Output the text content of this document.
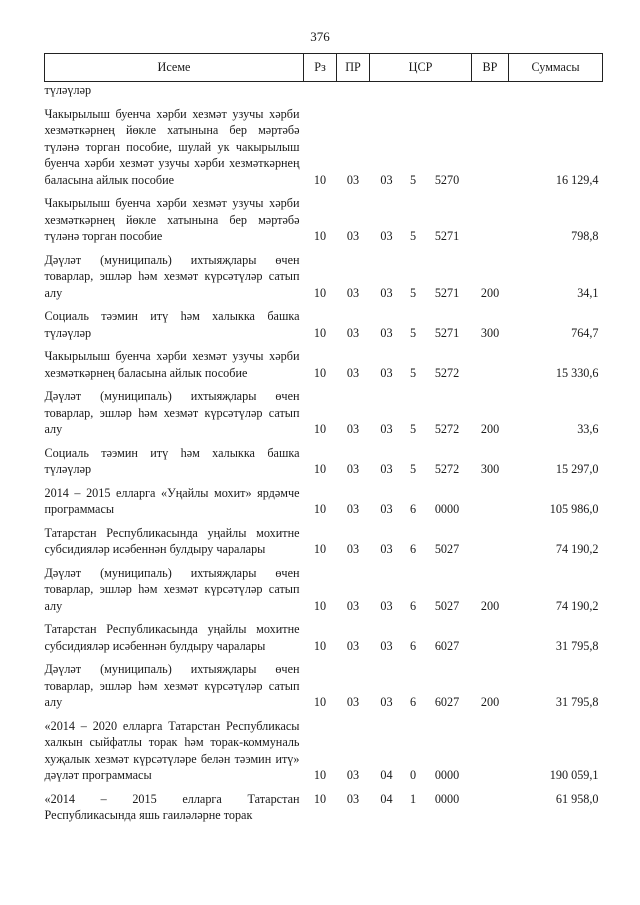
376
Исеме	Рз	ПР	ЦСР			ВР	Суммасы
түләүләр							

Чакырылыш буенча хәрби хезмәт узучы хәрби хезмәткәрнең йөкле хатынына бер мәртәбә түләнә торган пособие, шулай ук чакырылыш буенча хәрби хезмәт узучы хәрби хезмәткәрнең баласына айлык пособие	10	03	03	5	5270		16 129,4

Чакырылыш буенча хәрби хезмәт узучы хәрби хезмәткәрнең йөкле хатынына бер мәртәбә түләнә торган пособие	10	03	03	5	5271		798,8

Дәүләт (муниципаль) ихтыяҗлары өчен товарлар, эшләр һәм хезмәт күрсәтүләр сатып алу	10	03	03	5	5271	200	34,1

Социаль тәэмин итү һәм халыкка башка түләүләр	10	03	03	5	5271	300	764,7

Чакырылыш буенча хәрби хезмәт узучы хәрби хезмәткәрнең баласына айлык пособие	10	03	03	5	5272		15 330,6

Дәүләт (муниципаль) ихтыяҗлары өчен товарлар, эшләр һәм хезмәт күрсәтүләр сатып алу	10	03	03	5	5272	200	33,6

Социаль тәэмин итү һәм халыкка башка түләүләр	10	03	03	5	5272	300	15 297,0

2014 – 2015 елларга «Уңайлы мохит» ярдәмче программасы	10	03	03	6	0000		105 986,0

Татарстан Республикасында уңайлы мохитне субсидияләр исәбеннән булдыру чаралары	10	03	03	6	5027		74 190,2

Дәүләт (муниципаль) ихтыяҗлары өчен товарлар, эшләр һәм хезмәт күрсәтүләр сатып алу	10	03	03	6	5027	200	74 190,2

Татарстан Республикасында уңайлы мохитне субсидияләр исәбеннән булдыру чаралары	10	03	03	6	6027		31 795,8

Дәүләт (муниципаль) ихтыяҗлары өчен товарлар, эшләр һәм хезмәт күрсәтүләр сатып алу	10	03	03	6	6027	200	31 795,8

«2014 – 2020 елларга Татарстан Республикасы халкын сыйфатлы торак һәм торак-коммуналь хуҗалык хезмәт күрсәтүләре белән тәэмин итү» дәүләт программасы	10	03	04	0	0000		190 059,1

«2014 – 2015 елларга Татарстан Республикасында яшь гаиләләрне торак	10	03	04	1	0000		61 958,0
